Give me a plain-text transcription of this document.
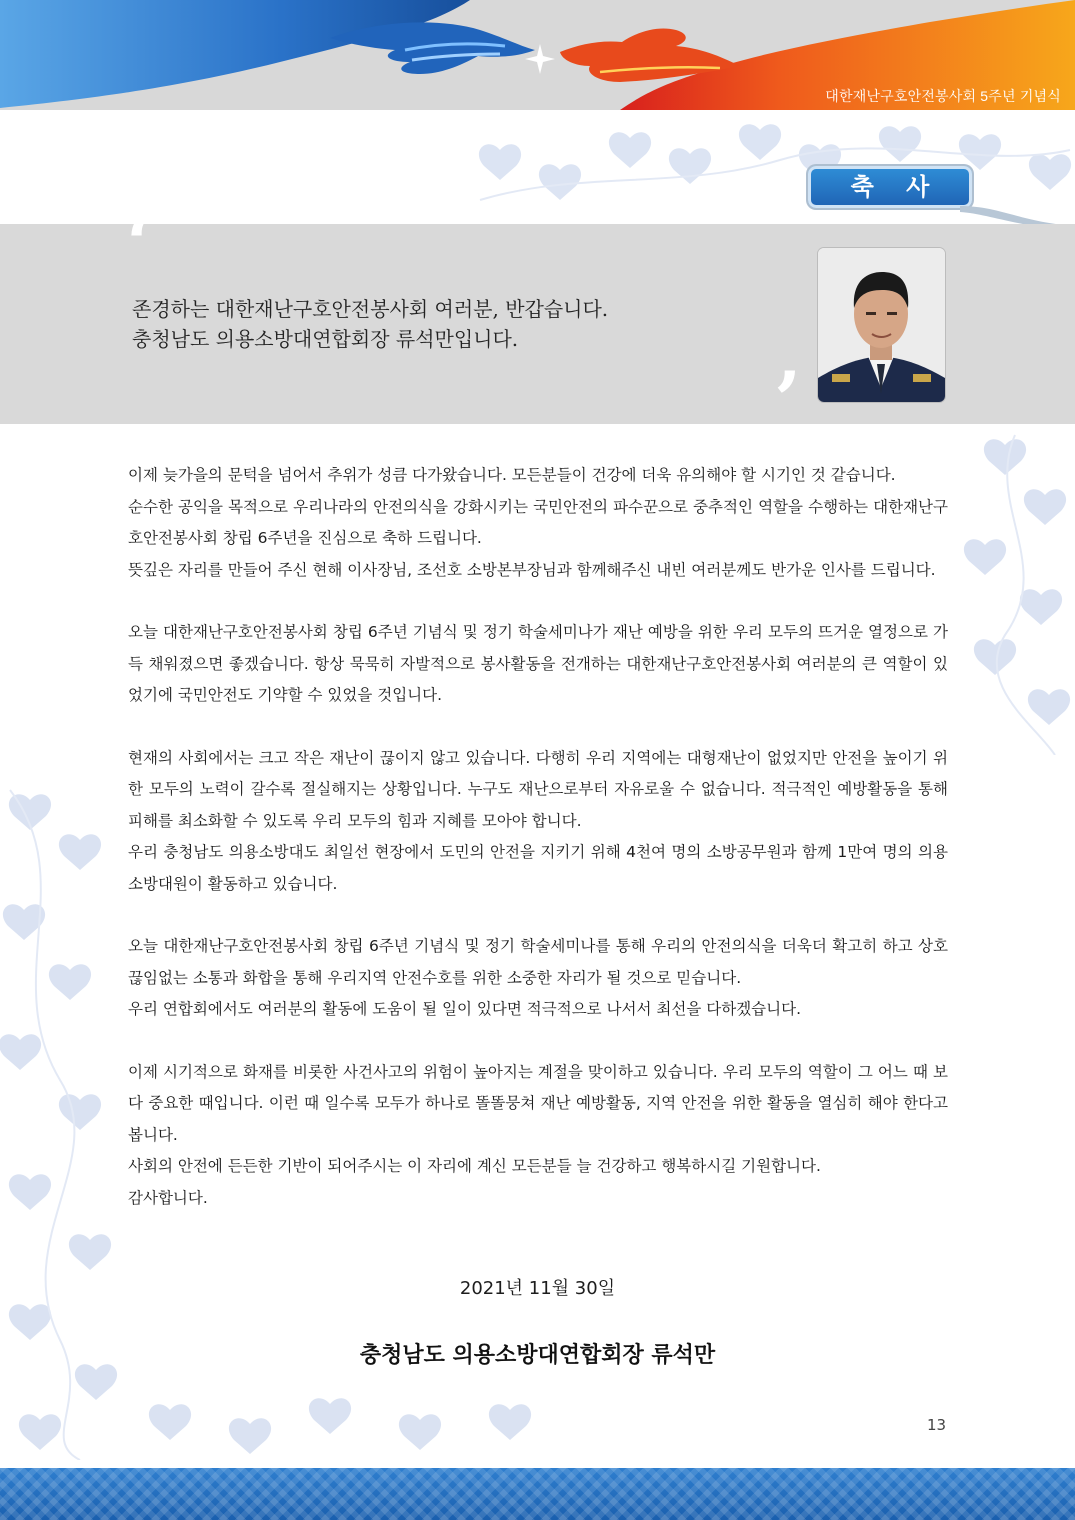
대한재난구호안전봉사회 5주년 기념식
축 사
‘
’
존경하는 대한재난구호안전봉사회 여러분, 반갑습니다.
충청남도 의용소방대연합회장 류석만입니다.

이제 늦가을의 문턱을 넘어서 추위가 성큼 다가왔습니다. 모든분들이 건강에 더욱 유의해야 할 시기인 것 같습니다.
순수한 공익을 목적으로 우리나라의 안전의식을 강화시키는 국민안전의 파수꾼으로 중추적인 역할을 수행하는 대한재난구호안전봉사회 창립 6주년을 진심으로 축하 드립니다.
뜻깊은 자리를 만들어 주신 현해 이사장님, 조선호 소방본부장님과 함께해주신 내빈 여러분께도 반가운 인사를 드립니다.

오늘 대한재난구호안전봉사회 창립 6주년 기념식 및 정기 학술세미나가 재난 예방을 위한 우리 모두의 뜨거운 열정으로 가득 채워졌으면 좋겠습니다. 항상 묵묵히 자발적으로 봉사활동을 전개하는 대한재난구호안전봉사회 여러분의 큰 역할이 있었기에 국민안전도 기약할 수 있었을 것입니다.

현재의 사회에서는 크고 작은 재난이 끊이지 않고 있습니다. 다행히 우리 지역에는 대형재난이 없었지만 안전을 높이기 위한 모두의 노력이 갈수록 절실해지는 상황입니다. 누구도 재난으로부터 자유로울 수 없습니다. 적극적인 예방활동을 통해 피해를 최소화할 수 있도록 우리 모두의 힘과 지혜를 모아야 합니다.
우리 충청남도 의용소방대도 최일선 현장에서 도민의 안전을 지키기 위해 4천여 명의 소방공무원과 함께 1만여 명의 의용소방대원이 활동하고 있습니다.

오늘 대한재난구호안전봉사회 창립 6주년 기념식 및 정기 학술세미나를 통해 우리의 안전의식을 더욱더 확고히 하고 상호 끊임없는 소통과 화합을 통해 우리지역 안전수호를 위한 소중한 자리가 될 것으로 믿습니다.
우리 연합회에서도 여러분의 활동에 도움이 될 일이 있다면 적극적으로 나서서 최선을 다하겠습니다.

이제 시기적으로 화재를 비롯한 사건사고의 위험이 높아지는 계절을 맞이하고 있습니다. 우리 모두의 역할이 그 어느 때 보다 중요한 때입니다. 이런 때 일수록 모두가 하나로 똘똘뭉쳐 재난 예방활동, 지역 안전을 위한 활동을 열심히 해야 한다고 봅니다.
사회의 안전에 든든한 기반이 되어주시는 이 자리에 계신 모든분들 늘 건강하고 행복하시길 기원합니다.
감사합니다.

2021년 11월 30일
충청남도 의용소방대연합회장 류석만
13
